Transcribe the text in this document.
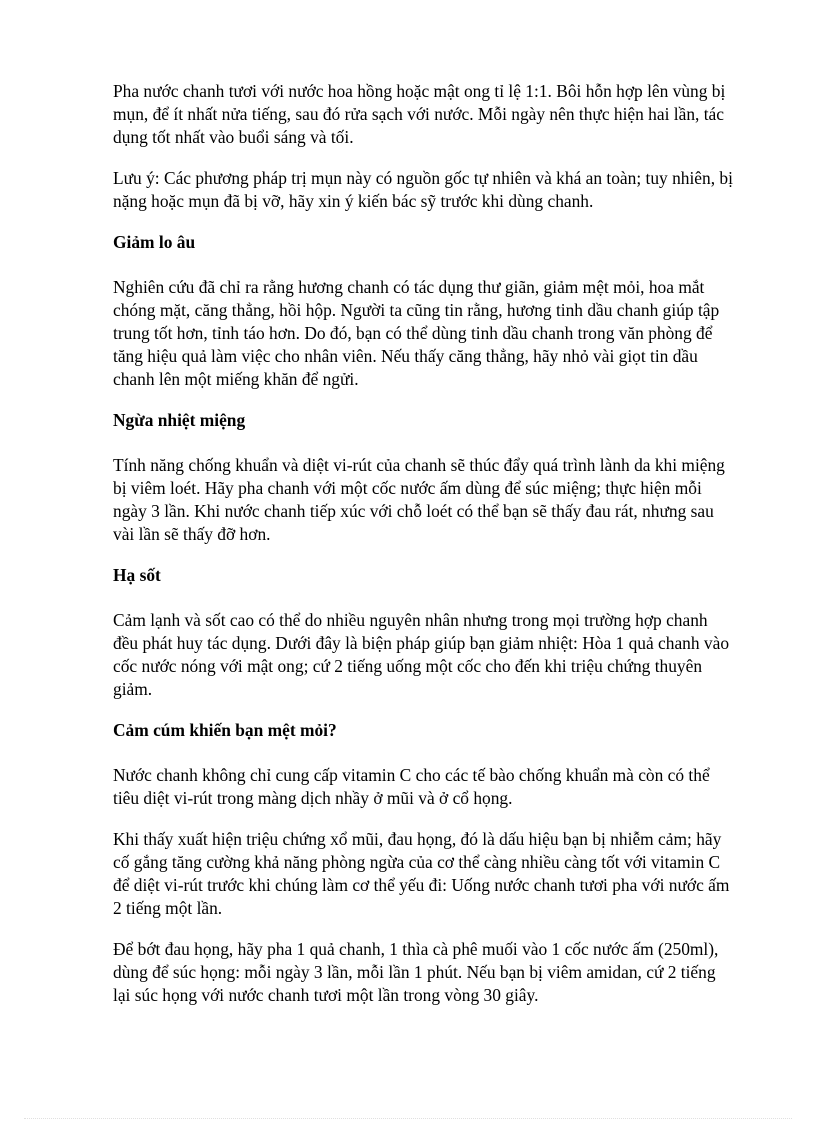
Pha nước chanh tươi với nước hoa hồng hoặc mật ong tỉ lệ 1:1. Bôi hỗn hợp lên vùng bị mụn, để ít nhất nửa tiếng, sau đó rửa sạch với nước. Mỗi ngày nên thực hiện hai lần, tác dụng tốt nhất vào buổi sáng và tối.

Lưu ý: Các phương pháp trị mụn này có nguồn gốc tự nhiên và khá an toàn; tuy nhiên, bị nặng hoặc mụn đã bị vỡ, hãy xin ý kiến bác sỹ trước khi dùng chanh.

Giảm lo âu

Nghiên cứu đã chỉ ra rằng hương chanh có tác dụng thư giãn, giảm mệt mỏi, hoa mắt chóng mặt, căng thẳng, hồi hộp. Người ta cũng tin rằng, hương tinh dầu chanh giúp tập trung tốt hơn, tỉnh táo hơn. Do đó, bạn có thể dùng tinh dầu chanh trong văn phòng để tăng hiệu quả làm việc cho nhân viên. Nếu thấy căng thẳng, hãy nhỏ vài giọt tin dầu chanh lên một miếng khăn để ngửi.

Ngừa nhiệt miệng

Tính năng chống khuẩn và diệt vi-rút của chanh sẽ thúc đẩy quá trình lành da khi miệng bị viêm loét. Hãy pha chanh với một cốc nước ấm dùng để súc miệng; thực hiện mỗi ngày 3 lần. Khi nước chanh tiếp xúc với chỗ loét có thể bạn sẽ thấy đau rát, nhưng sau vài lần sẽ thấy đỡ hơn.

Hạ sốt

Cảm lạnh và sốt cao có thể do nhiều nguyên nhân nhưng trong mọi trường hợp chanh đều phát huy tác dụng. Dưới đây là biện pháp giúp bạn giảm nhiệt: Hòa 1 quả chanh vào cốc nước nóng với mật ong; cứ 2 tiếng uống một cốc cho đến khi triệu chứng thuyên giảm.

Cảm cúm khiến bạn mệt mỏi?

Nước chanh không chỉ cung cấp vitamin C cho các tế bào chống khuẩn mà còn có thể tiêu diệt vi-rút trong màng dịch nhầy ở mũi và ở cổ họng.

Khi thấy xuất hiện triệu chứng xổ mũi, đau họng, đó là dấu hiệu bạn bị nhiễm cảm; hãy cố gắng tăng cường khả năng phòng ngừa của cơ thể càng nhiều càng tốt với vitamin C để diệt vi-rút trước khi chúng làm cơ thể yếu đi: Uống nước chanh tươi pha với nước ấm 2 tiếng một lần.

Để bớt đau họng, hãy pha 1 quả chanh, 1 thìa cà phê muối vào 1 cốc nước ấm (250ml), dùng để súc họng: mỗi ngày 3 lần, mỗi lần 1 phút. Nếu bạn bị viêm amidan, cứ 2 tiếng lại súc họng với nước chanh tươi một lần trong vòng 30 giây.
